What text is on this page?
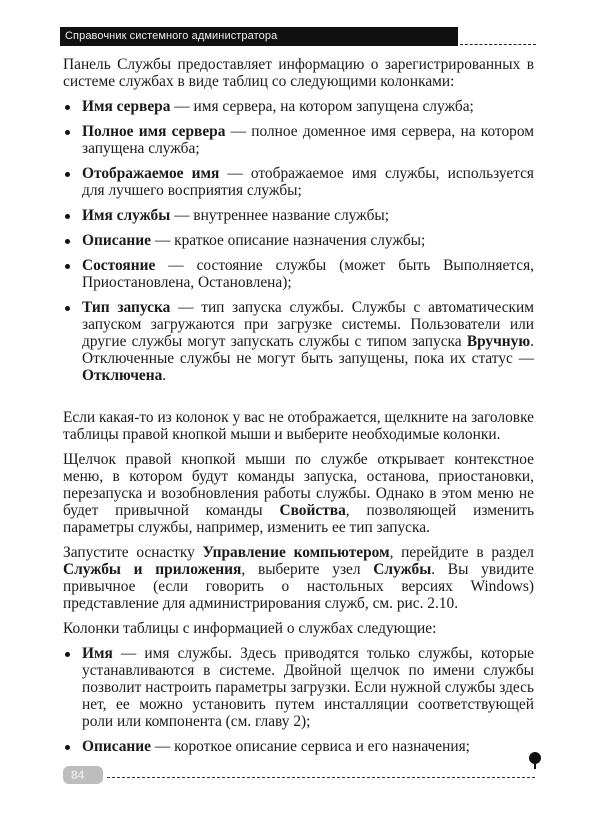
Справочник системного администратора
Панель Службы предоставляет информацию о зарегистрированных в системе службах в виде таблиц со следующими колонками:
Имя сервера — имя сервера, на котором запущена служба;
Полное имя сервера — полное доменное имя сервера, на котором запущена служба;
Отображаемое имя — отображаемое имя службы, используется для лучшего восприятия службы;
Имя службы — внутреннее название службы;
Описание — краткое описание назначения службы;
Состояние — состояние службы (может быть Выполняется, Приостановлена, Остановлена);
Тип запуска — тип запуска службы. Службы с автоматическим запуском загружаются при загрузке системы. Пользователи или другие службы могут запускать службы с типом запуска Вручную. Отключенные службы не могут быть запущены, пока их статус — Отключена.
Если какая-то из колонок у вас не отображается, щелкните на заголовке таблицы правой кнопкой мыши и выберите необходимые колонки.
Щелчок правой кнопкой мыши по службе открывает контекстное меню, в котором будут команды запуска, останова, приостановки, перезапуска и возобновления работы службы. Однако в этом меню не будет привычной команды Свойства, позволяющей изменить параметры службы, например, изменить ее тип запуска.
Запустите оснастку Управление компьютером, перейдите в раздел Службы и приложения, выберите узел Службы. Вы увидите привычное (если говорить о настольных версиях Windows) представление для администрирования служб, см. рис. 2.10.
Колонки таблицы с информацией о службах следующие:
Имя — имя службы. Здесь приводятся только службы, которые устанавливаются в системе. Двойной щелчок по имени службы позволит настроить параметры загрузки. Если нужной службы здесь нет, ее можно установить путем инсталляции соответствующей роли или компонента (см. главу 2);
Описание — короткое описание сервиса и его назначения;
84
